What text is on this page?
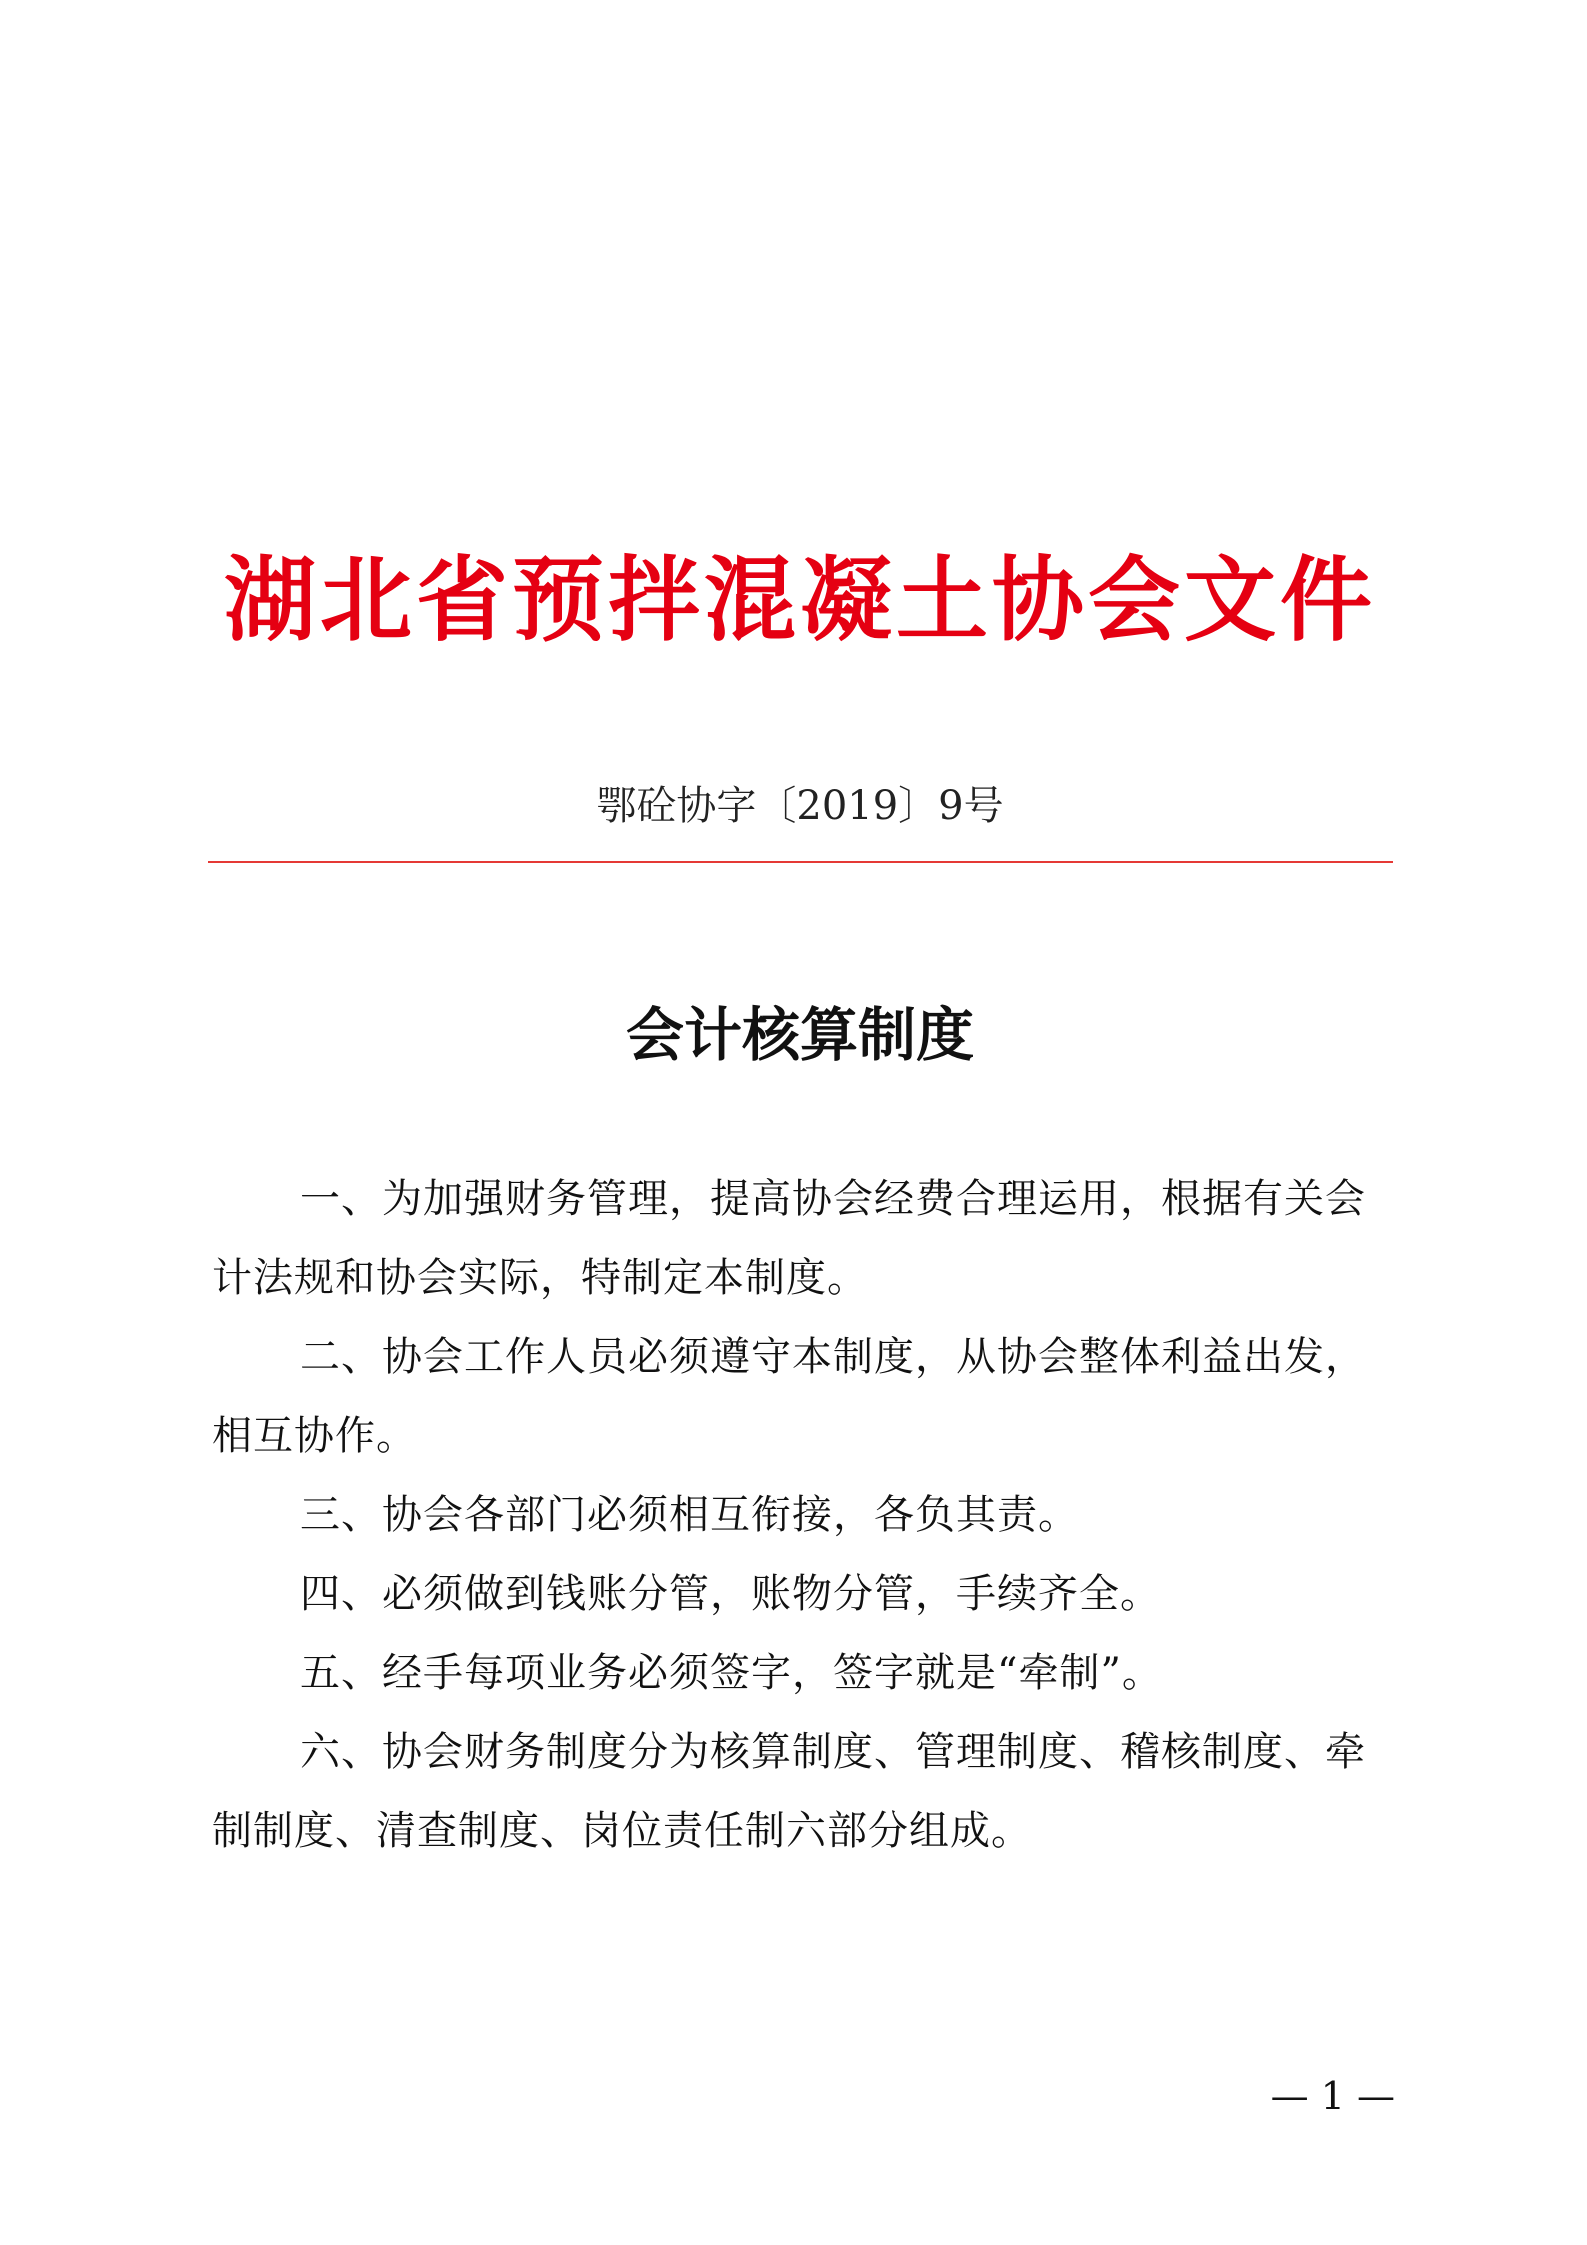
湖北省预拌混凝土协会文件
鄂砼协字〔2019〕9号
会计核算制度
一、为加强财务管理，提高协会经费合理运用，根据有关会
计法规和协会实际，特制定本制度。
二、协会工作人员必须遵守本制度，从协会整体利益出发，
相互协作。
三、协会各部门必须相互衔接，各负其责。
四、必须做到钱账分管，账物分管，手续齐全。
五、经手每项业务必须签字，签字就是“牵制”。
六、协会财务制度分为核算制度、管理制度、稽核制度、牵
制制度、清查制度、岗位责任制六部分组成。
— 1 —
